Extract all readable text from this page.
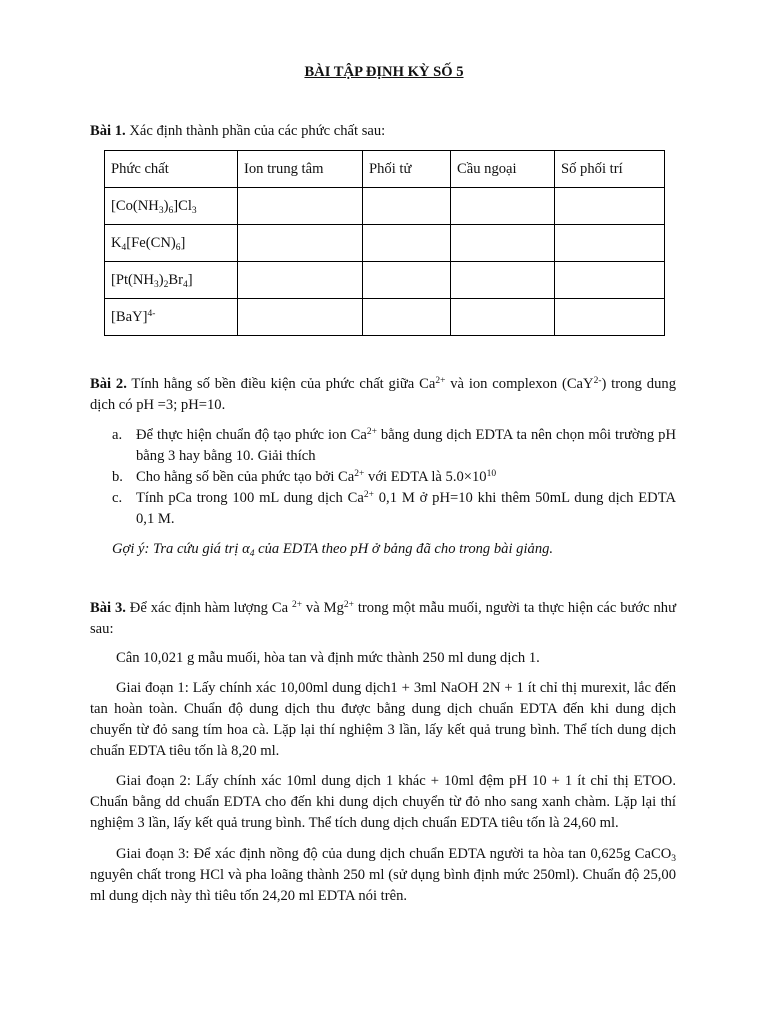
BÀI TẬP ĐỊNH KỲ SỐ 5
Bài 1. Xác định thành phần của các phức chất sau:
Phức chất	Ion trung tâm	Phối tử	Cầu ngoại	Số phối trí
$[Co(NH_3)_6]Cl_3$				
$K_4[Fe(CN)_6]$				
$[Pt(NH_3)_2Br_4]$				
[BaY]$^{4-}$				
Bài 2. Tính hằng số bền điều kiện của phức chất giữa $Ca^{2+}$ và ion complexon (CaY$^{2-}$) trong dung dịch có pH =3; pH=10.
a. Để thực hiện chuẩn độ tạo phức ion $Ca^{2+}$ bằng dung dịch EDTA ta nên chọn môi trường pH bằng 3 hay bằng 10. Giải thích
b. Cho hằng số bền của phức tạo bởi $Ca^{2+}$ với EDTA là $5.0\times 10^{10}$
c. Tính pCa trong 100 mL dung dịch $Ca^{2+}$ 0,1 M ở pH=10 khi thêm 50mL dung dịch EDTA 0,1 M.
Gợi ý: Tra cứu giá trị $\alpha_4$ của EDTA theo pH ở bảng đã cho trong bài giảng.
Bài 3. Để xác định hàm lượng Ca $^{2+}$ và $Mg^{2+}$ trong một mẫu muối, người ta thực hiện các bước như sau:
Cân 10,021 g mẫu muối, hòa tan và định mức thành 250 ml dung dịch 1.
Giai đoạn 1: Lấy chính xác 10,00ml dung dịch1 + 3ml NaOH 2N + 1 ít chỉ thị murexit, lắc đến tan hoàn toàn. Chuẩn độ dung dịch thu được bằng dung dịch chuẩn EDTA đến khi dung dịch chuyển từ đỏ sang tím hoa cà. Lặp lại thí nghiệm 3 lần, lấy kết quả trung bình. Thể tích dung dịch chuẩn EDTA tiêu tốn là 8,20 ml.
Giai đoạn 2: Lấy chính xác 10ml dung dịch 1 khác + 10ml đệm pH 10 + 1 ít chỉ thị ETOO. Chuẩn bằng dd chuẩn EDTA cho đến khi dung dịch chuyển từ đỏ nho sang xanh chàm. Lặp lại thí nghiệm 3 lần, lấy kết quả trung bình. Thể tích dung dịch chuẩn EDTA tiêu tốn là 24,60 ml.
Giai đoạn 3: Để xác định nồng độ của dung dịch chuẩn EDTA người ta hòa tan 0,625g CaCO$_3$ nguyên chất trong HCl và pha loãng thành 250 ml (sử dụng bình định mức 250ml). Chuẩn độ 25,00 ml dung dịch này thì tiêu tốn 24,20 ml EDTA nói trên.
